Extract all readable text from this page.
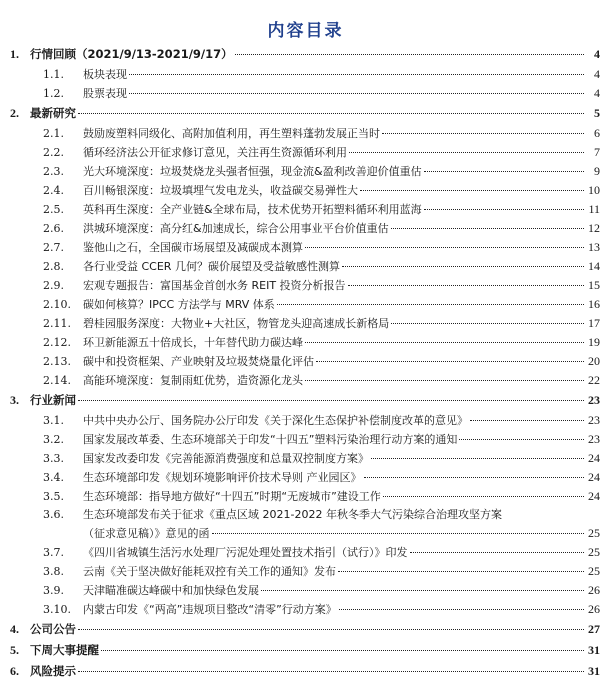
内容目录
1. 行情回顾（2021/9/13-2021/9/17）	4
1.1.	板块表现	4
1.2.	股票表现	4
2. 最新研究	5
2.1.	鼓励废塑料同级化、高附加值利用，再生塑料蓬勃发展正当时	6
2.2.	循环经济法公开征求修订意见，关注再生资源循环利用	7
2.3.	光大环境深度：垃圾焚烧龙头强者恒强，现金流&盈利改善迎价值重估	9
2.4.	百川畅银深度：垃圾填埋气发电龙头，收益碳交易弹性大	10
2.5.	英科再生深度：全产业链&全球布局，技术优势开拓塑料循环利用蓝海	11
2.6.	洪城环境深度：高分红&加速成长，综合公用事业平台价值重估	12
2.7.	鉴他山之石，全国碳市场展望及减碳成本测算	13
2.8.	各行业受益 CCER 几何？碳价展望及受益敏感性测算	14
2.9.	宏观专题报告：富国基金首创水务 REIT 投资分析报告	15
2.10.	碳如何核算？IPCC 方法学与 MRV 体系	16
2.11.	碧桂园服务深度：大物业+大社区，物管龙头迎高速成长新格局	17
2.12.	环卫新能源五十倍成长，十年替代助力碳达峰	19
2.13.	碳中和投资框架、产业映射及垃圾焚烧量化评估	20
2.14.	高能环境深度：复制雨虹优势，造资源化龙头	22
3. 行业新闻	23
3.1.	中共中央办公厅、国务院办公厅印发《关于深化生态保护补偿制度改革的意见》	23
3.2.	国家发展改革委、生态环境部关于印发“十四五”塑料污染治理行动方案的通知	23
3.3.	国家发改委印发《完善能源消费强度和总量双控制度方案》	24
3.4.	生态环境部印发《规划环境影响评价技术导则 产业园区》	24
3.5.	生态环境部：指导地方做好“十四五”时期“无废城市”建设工作	24
3.6.	生态环境部发布关于征求《重点区域 2021-2022 年秋冬季大气污染综合治理攻坚方案
（征求意见稿）》意见的函	25
3.7.	《四川省城镇生活污水处理厂污泥处理处置技术指引（试行）》印发	25
3.8.	云南《关于坚决做好能耗双控有关工作的通知》发布	25
3.9.	天津瞄准碳达峰碳中和加快绿色发展	26
3.10.	内蒙古印发《“两高”违规项目整改“清零”行动方案》	26
4. 公司公告	27
5. 下周大事提醒	31
6. 风险提示	31
